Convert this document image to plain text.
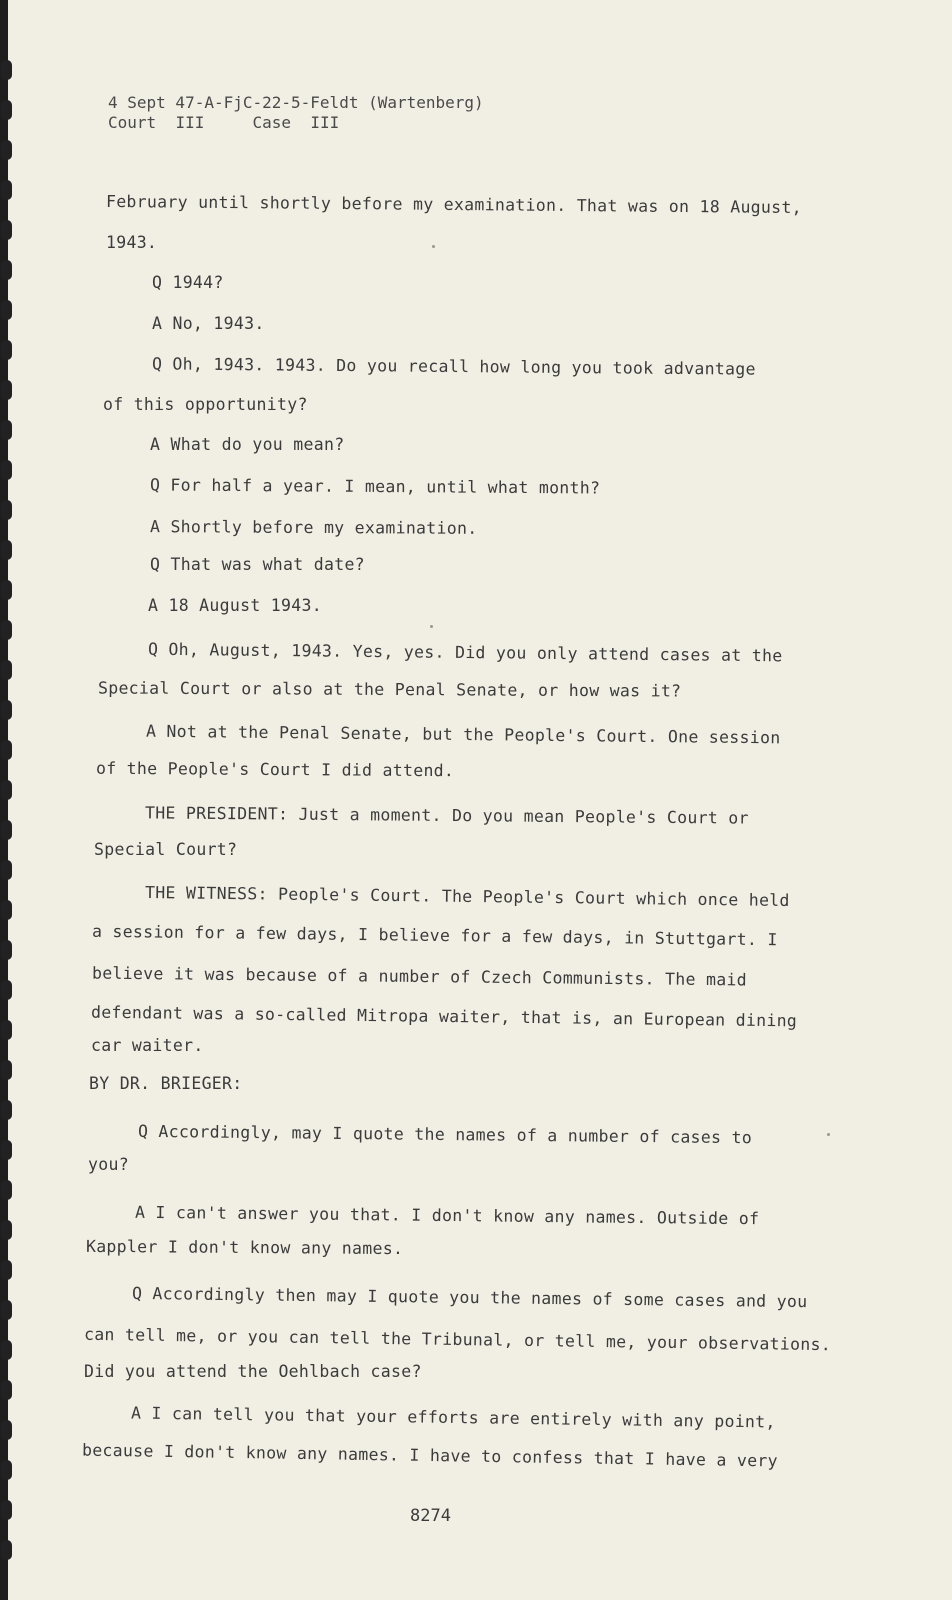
4 Sept 47-A-FjC-22-5-Feldt (Wartenberg)
Court III	Case III
February until shortly before my examination. That was on 18 August,
1943.
Q 1944?
A No, 1943.
Q Oh, 1943. 1943. Do you recall how long you took advantage
of this opportunity?
A What do you mean?
Q For half a year. I mean, until what month?
A Shortly before my examination.
Q That was what date?
A 18 August 1943.
Q Oh, August, 1943. Yes, yes. Did you only attend cases at the
Special Court or also at the Penal Senate, or how was it?
A Not at the Penal Senate, but the People's Court. One session
of the People's Court I did attend.
THE PRESIDENT: Just a moment. Do you mean People's Court or
Special Court?
THE WITNESS: People's Court. The People's Court which once held
a session for a few days, I believe for a few days, in Stuttgart. I
believe it was because of a number of Czech Communists. The maid
defendant was a so-called Mitropa waiter, that is, an European dining
car waiter.
BY DR. BRIEGER:
Q Accordingly, may I quote the names of a number of cases to
you?
A I can't answer you that. I don't know any names. Outside of
Kappler I don't know any names.
Q Accordingly then may I quote you the names of some cases and you
can tell me, or you can tell the Tribunal, or tell me, your observations.
Did you attend the Oehlbach case?
A I can tell you that your efforts are entirely with any point,
because I don't know any names. I have to confess that I have a very
8274
